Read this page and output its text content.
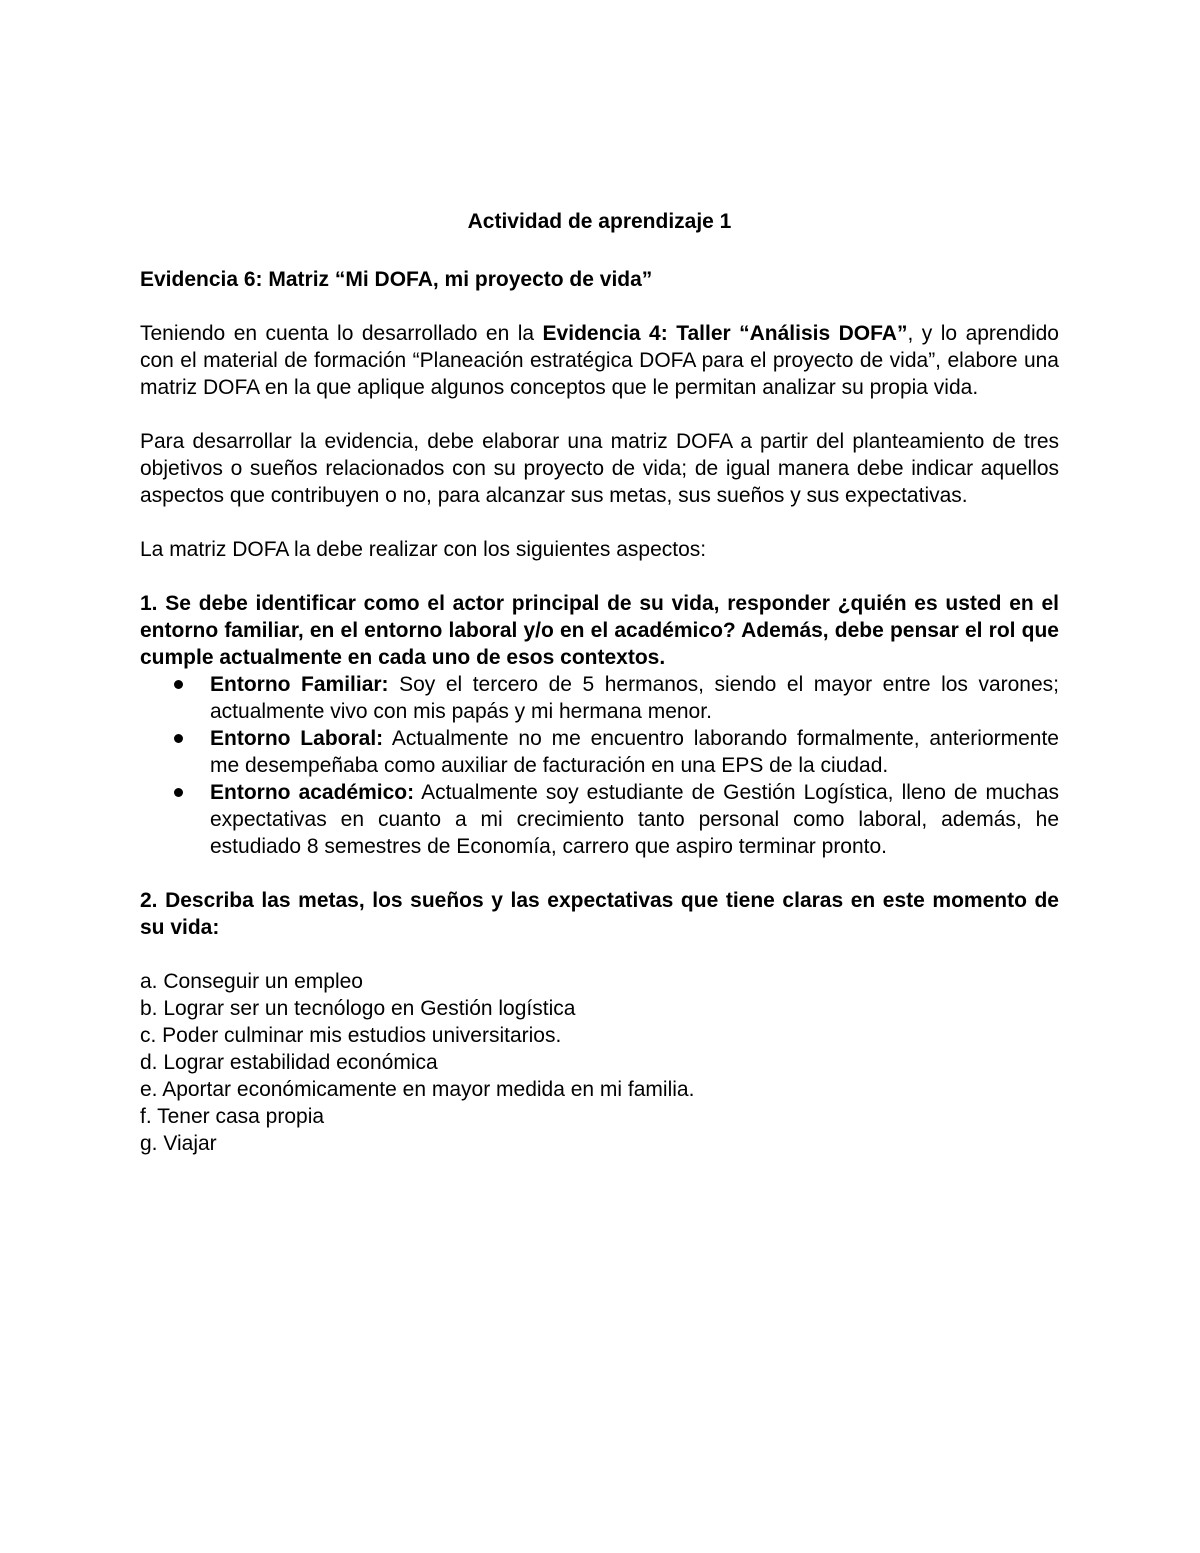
Actividad de aprendizaje 1
Evidencia 6: Matriz “Mi DOFA, mi proyecto de vida”

Teniendo en cuenta lo desarrollado en la Evidencia 4: Taller “Análisis DOFA”, y lo aprendido con el material de formación “Planeación estratégica DOFA para el proyecto de vida”, elabore una matriz DOFA en la que aplique algunos conceptos que le permitan analizar su propia vida.

Para desarrollar la evidencia, debe elaborar una matriz DOFA a partir del planteamiento de tres objetivos o sueños relacionados con su proyecto de vida; de igual manera debe indicar aquellos aspectos que contribuyen o no, para alcanzar sus metas, sus sueños y sus expectativas.

La matriz DOFA la debe realizar con los siguientes aspectos:

1. Se debe identificar como el actor principal de su vida, responder ¿quién es usted en el entorno familiar, en el entorno laboral y/o en el académico? Además, debe pensar el rol que cumple actualmente en cada uno de esos contextos.
Entorno Familiar: Soy el tercero de 5 hermanos, siendo el mayor entre los varones; actualmente vivo con mis papás y mi hermana menor.
Entorno Laboral: Actualmente no me encuentro laborando formalmente, anteriormente me desempeñaba como auxiliar de facturación en una EPS de la ciudad.
Entorno académico: Actualmente soy estudiante de Gestión Logística, lleno de muchas expectativas en cuanto a mi crecimiento tanto personal como laboral, además, he estudiado 8 semestres de Economía, carrero que aspiro terminar pronto.
2. Describa las metas, los sueños y las expectativas que tiene claras en este momento de su vida:
a. Conseguir un empleo
b. Lograr ser un tecnólogo en Gestión logística
c. Poder culminar mis estudios universitarios.
d. Lograr estabilidad económica
e. Aportar económicamente en mayor medida en mi familia.
f. Tener casa propia
g. Viajar
